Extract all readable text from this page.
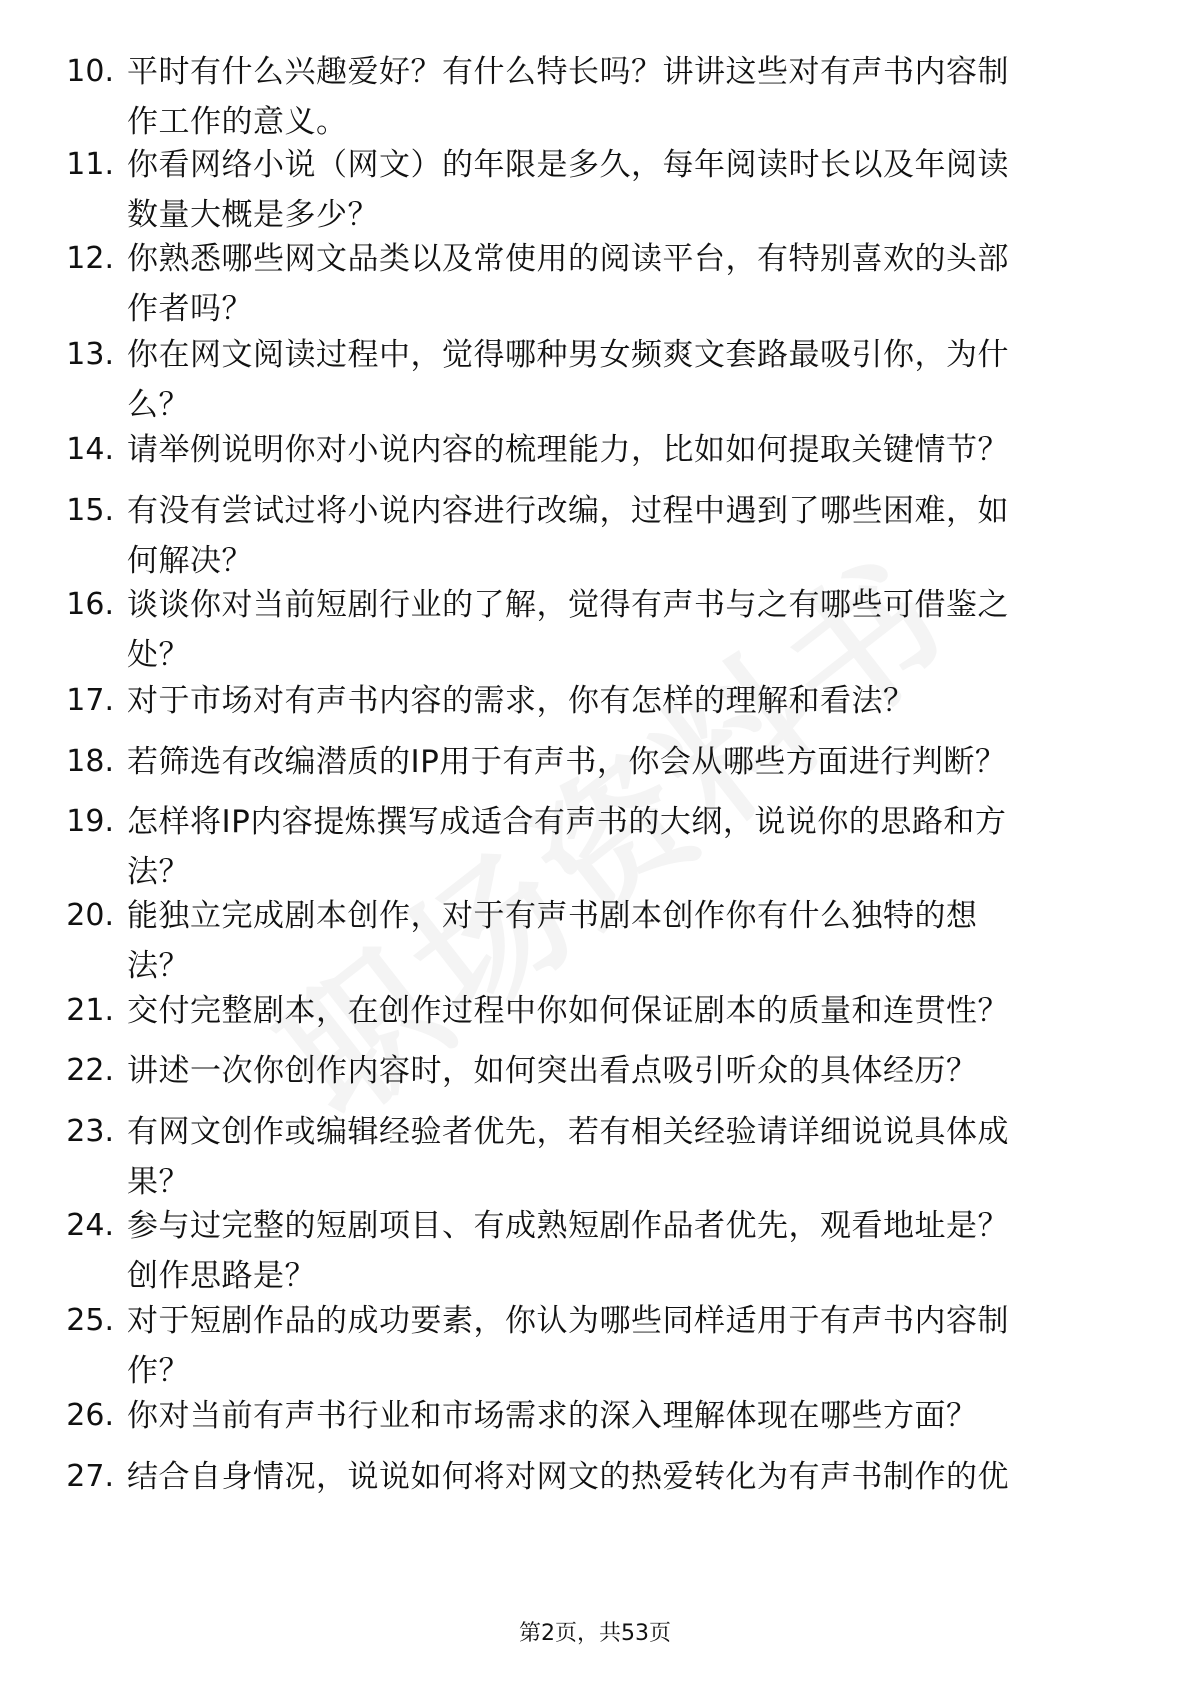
10. 平时有什么兴趣爱好？有什么特长吗？讲讲这些对有声书内容制
作工作的意义。
11. 你看网络小说（网文）的年限是多久，每年阅读时长以及年阅读
数量大概是多少？
12. 你熟悉哪些网文品类以及常使用的阅读平台，有特别喜欢的头部
作者吗？
13. 你在网文阅读过程中，觉得哪种男女频爽文套路最吸引你，为什
么？
14. 请举例说明你对小说内容的梳理能力，比如如何提取关键情节？
15. 有没有尝试过将小说内容进行改编，过程中遇到了哪些困难，如
何解决？
16. 谈谈你对当前短剧行业的了解，觉得有声书与之有哪些可借鉴之
处？
17. 对于市场对有声书内容的需求，你有怎样的理解和看法？
18. 若筛选有改编潜质的IP用于有声书，你会从哪些方面进行判断？
19. 怎样将IP内容提炼撰写成适合有声书的大纲，说说你的思路和方
法？
20. 能独立完成剧本创作，对于有声书剧本创作你有什么独特的想
法？
21. 交付完整剧本，在创作过程中你如何保证剧本的质量和连贯性？
22. 讲述一次你创作内容时，如何突出看点吸引听众的具体经历？
23. 有网文创作或编辑经验者优先，若有相关经验请详细说说具体成
果？
24. 参与过完整的短剧项目、有成熟短剧作品者优先，观看地址是？
创作思路是？
25. 对于短剧作品的成功要素，你认为哪些同样适用于有声书内容制
作？
26. 你对当前有声书行业和市场需求的深入理解体现在哪些方面？
27. 结合自身情况，说说如何将对网文的热爱转化为有声书制作的优
第2页，共53页
